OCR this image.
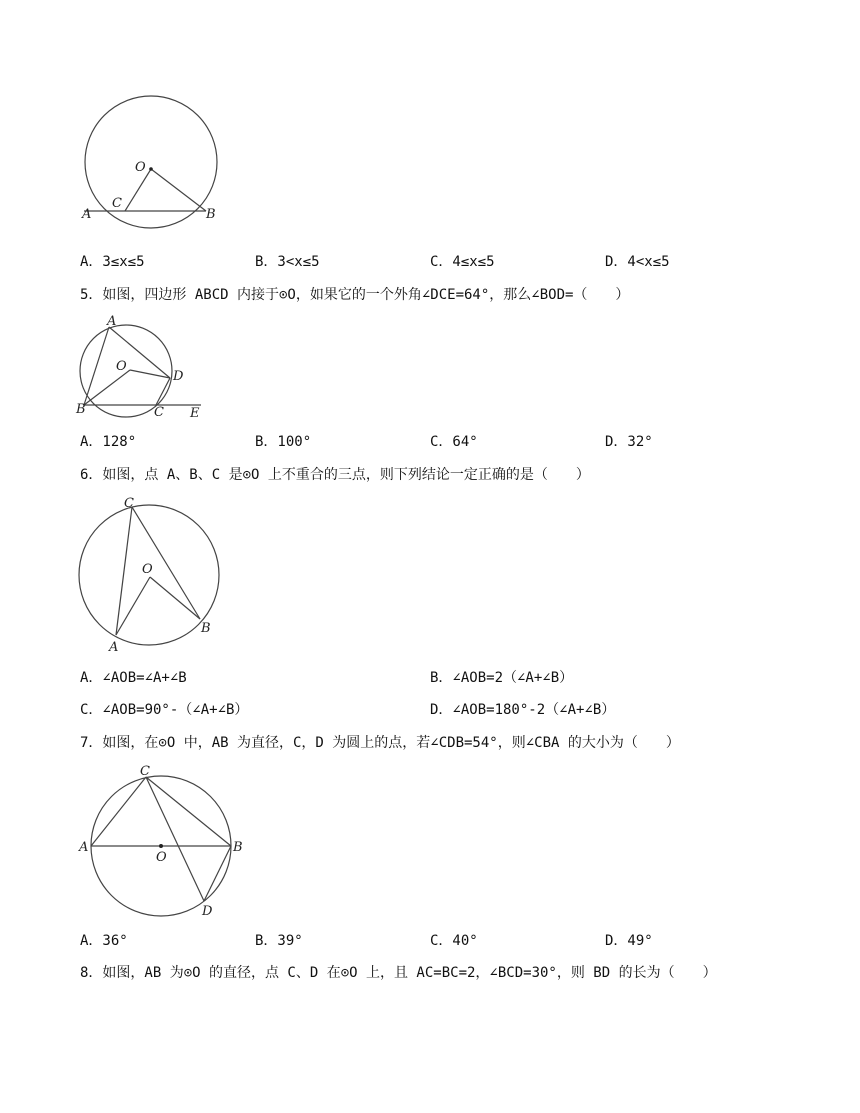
O
A
C
B
A．3≤x≤5	B．3<x≤5	C．4≤x≤5	D．4<x≤5
5．如图，四边形 ABCD 内接于⊙O，如果它的一个外角∠DCE=64°，那么∠BOD=（　　）
A
O
D
B	C E
A．128°	B．100°	C．64°	D．32°
6．如图，点 A、B、C 是⊙O 上不重合的三点，则下列结论一定正确的是（　　）
C
O
B
A
A．∠AOB=∠A+∠B	B．∠AOB=2（∠A+∠B）
C．∠AOB=90°-（∠A+∠B）	D．∠AOB=180°-2（∠A+∠B）
7．如图，在⊙O 中，AB 为直径，C，D 为圆上的点，若∠CDB=54°，则∠CBA 的大小为（　　）
C
A	B
O
D
A．36°	B．39°	C．40°	D．49°
8．如图，AB 为⊙O 的直径，点 C、D 在⊙O 上，且 AC=BC=2，∠BCD=30°，则 BD 的长为（　　）
